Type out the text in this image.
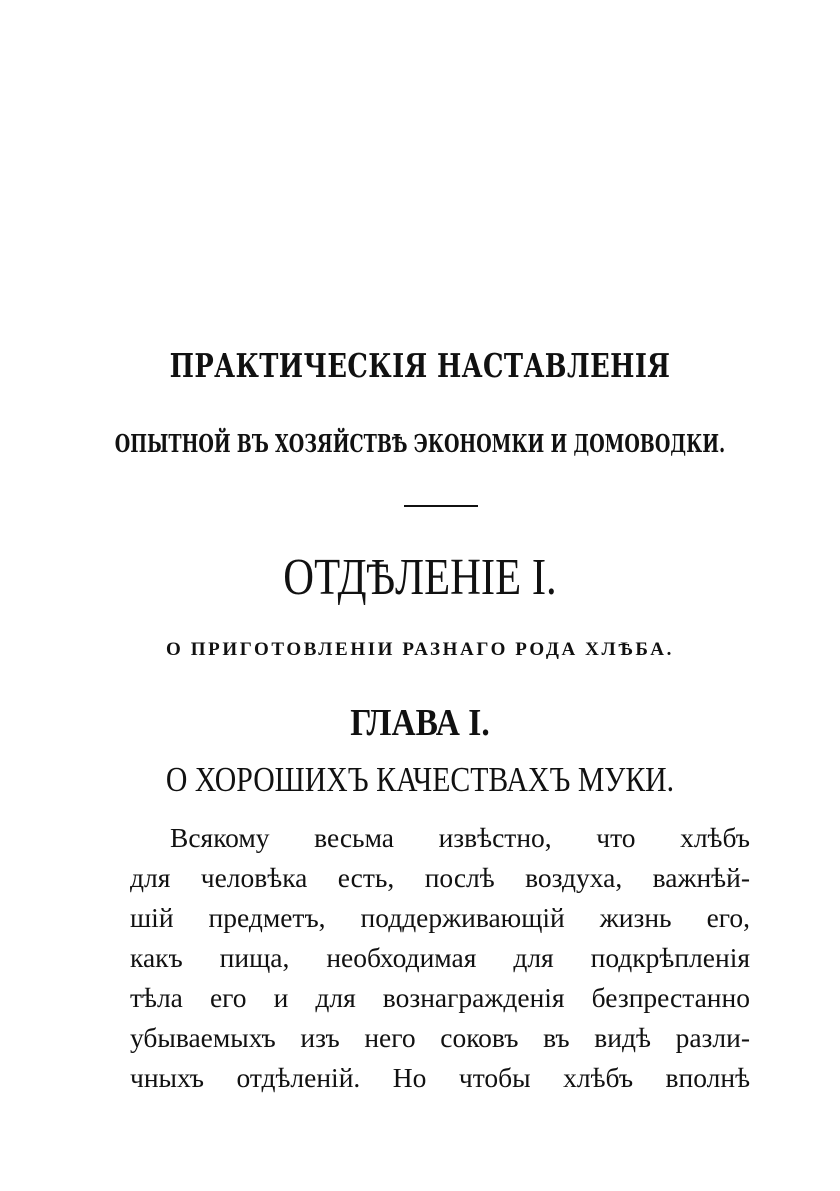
ПРАКТИЧЕСКІЯ НАСТАВЛЕНІЯ
ОПЫТНОЙ ВЪ ХОЗЯЙСТВѢ ЭКОНОМКИ И ДОМОВОДКИ.
ОТДѢЛЕНІЕ I.
О ПРИГОТОВЛЕНІИ РАЗНАГО РОДА ХЛѢБА.
ГЛАВА I.
О ХОРОШИХЪ КАЧЕСТВАХЪ МУКИ.
Всякому весьма извѣстно, что хлѣбъ
для человѣка есть, послѣ воздуха, важнѣй-
шій предметъ, поддерживающій жизнь его,
какъ пища, необходимая для подкрѣпленія
тѣла его и для вознагражденія безпрестанно
убываемыхъ изъ него соковъ въ видѣ разли-
чныхъ отдѣленій. Но чтобы хлѣбъ вполнѣ
